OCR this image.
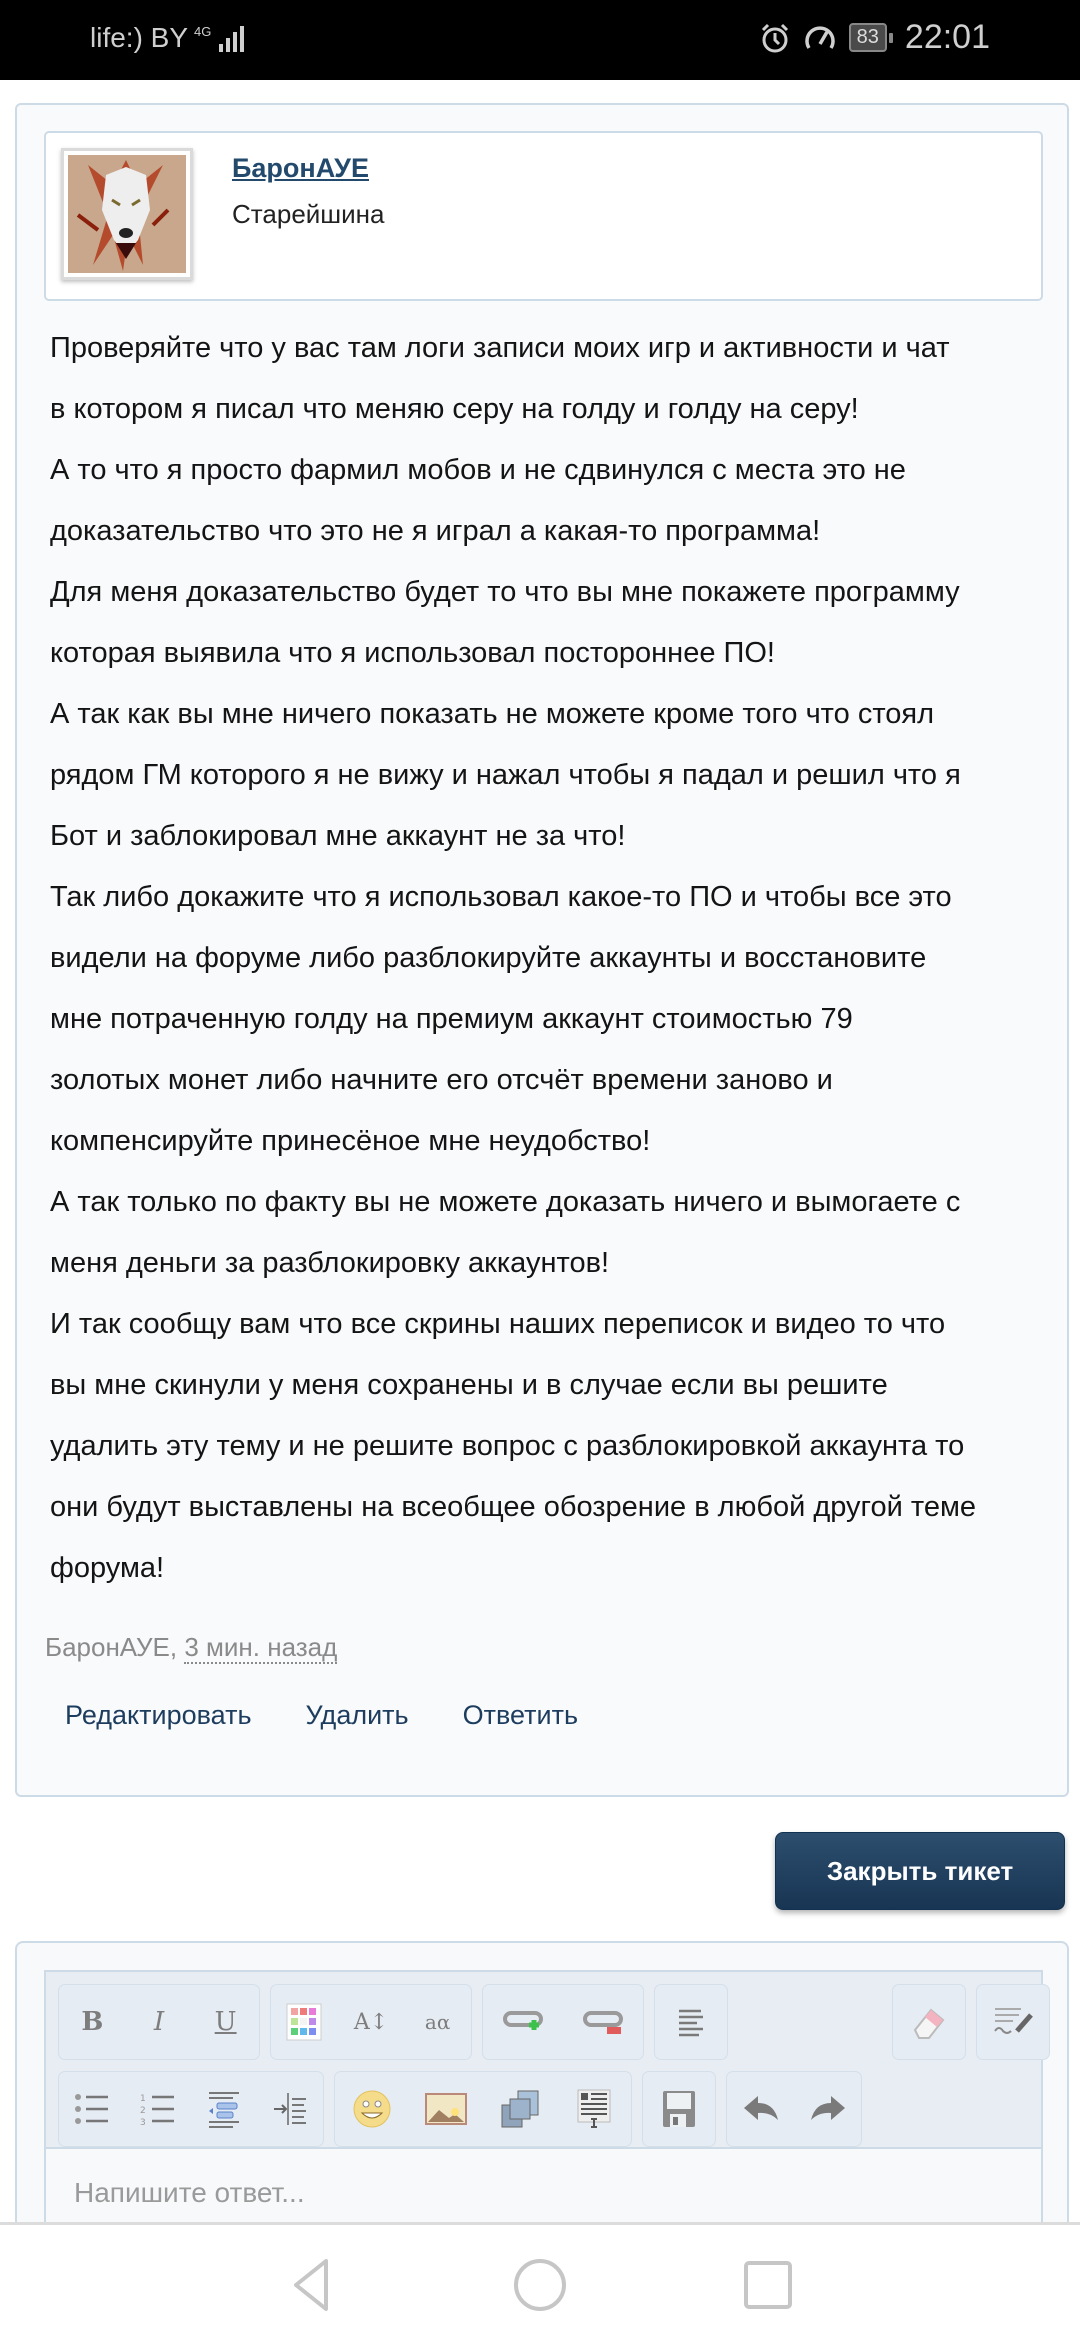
life:) BY 4G	83 22:01
БаронАУЕ
Старейшина
Проверяйте что у вас там логи записи моих игр и активности и чат
в котором я писал что меняю серу на голду и голду на серу!
А то что я просто фармил мобов и не сдвинулся с места это не
доказательство что это не я играл а какая-то программа!
Для меня доказательство будет то что вы мне покажете программу
которая выявила что я использовал постороннее ПО!
А так как вы мне ничего показать не можете кроме того что стоял
рядом ГМ которого я не вижу и нажал чтобы я падал и решил что я
Бот и заблокировал мне аккаунт не за что!
Так либо докажите что я использовал какое-то ПО и чтобы все это
видели на форуме либо разблокируйте аккаунты и восстановите
мне потраченную голду на премиум аккаунт стоимостью 79
золотых монет либо начните его отсчёт времени заново и
компенсируйте принесёное мне неудобство!
А так только по факту вы не можете доказать ничего и вымогаете с
меня деньги за разблокировку аккаунтов!
И так сообщу вам что все скрины наших переписок и видео то что
вы мне скинули у меня сохранены и в случае если вы решите
удалить эту тему и не решите вопрос с разблокировкой аккаунта то
они будут выставлены на всеобщее обозрение в любой другой теме
форума!
БаронАУЕ, 3 мин. назад
Редактировать Удалить Ответить
Закрыть тикет
B	I	U	A↕	aα
1
2
3
Напишите ответ...
